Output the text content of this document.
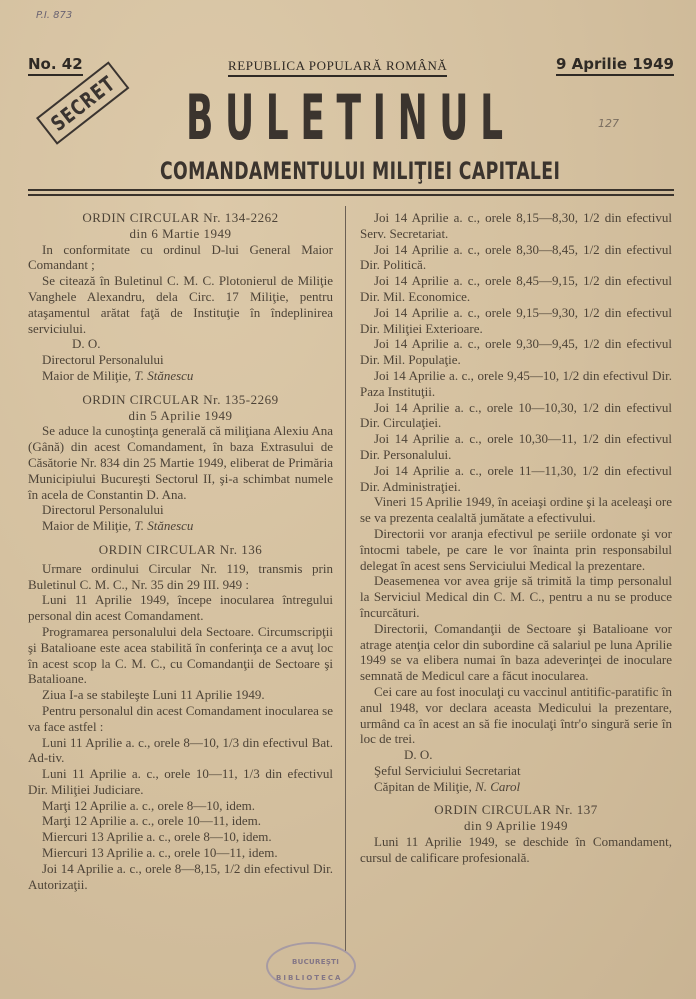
P.I. 873
No. 42	REPUBLICA POPULARĂ ROMÂNĂ	9 Aprilie 1949
SECRET BULETINUL
COMANDAMENTULUI MILIŢIEI CAPITALEI
127

ORDIN CIRCULAR Nr. 134-2262

din 6 Martie 1949

In conformitate cu ordinul D-lui General Maior Comandant ;

Se citează în Buletinul C. M. C. Plotonierul de Miliţie Vanghele Alexandru, dela Circ. 17 Miliţie, pentru ataşamentul arătat faţă de Instituţie în îndeplinirea serviciului.

D. O.

Directorul Personalului

Maior de Miliţie, T. Stănescu

ORDIN CIRCULAR Nr. 135-2269

din 5 Aprilie 1949

Se aduce la cunoştinţa generală că miliţiana Alexiu Ana (Gână) din acest Comandament, în baza Extrasului de Căsătorie Nr. 834 din 25 Martie 1949, eliberat de Primăria Municipiului Bucureşti Sectorul II, şi-a schimbat numele în acela de Constantin D. Ana.

Directorul Personalului

Maior de Miliţie, T. Stănescu

ORDIN CIRCULAR Nr. 136

Urmare ordinului Circular Nr. 119, transmis prin Buletinul C. M. C., Nr. 35 din 29 III. 949 :

Luni 11 Aprilie 1949, începe inocularea întregului personal din acest Comandament.

Programarea personalului dela Sectoare. Circumscripţii şi Batalioane este acea stabilită în conferinţa ce a avuţ loc în acest scop la C. M. C., cu Comandanţii de Sectoare şi Batalioane.

Ziua I-a se stabileşte Luni 11 Aprilie 1949.

Pentru personalul din acest Comandament inocularea se va face astfel :

Luni 11 Aprilie a. c., orele 8—10, 1/3 din efectivul Bat. Ad-tiv.

Luni 11 Aprilie a. c., orele 10—11, 1/3 din efectivul Dir. Miliţiei Judiciare.

Marţi 12 Aprilie a. c., orele 8—10, idem.

Marţi 12 Aprilie a. c., orele 10—11, idem.

Miercuri 13 Aprilie a. c., orele 8—10, idem.

Miercuri 13 Aprilie a. c., orele 10—11, idem.

Joi 14 Aprilie a. c., orele 8—8,15, 1/2 din efectivul Dir. Autorizaţii.

Joi 14 Aprilie a. c., orele 8,15—8,30, 1/2 din efectivul Serv. Secretariat.

Joi 14 Aprilie a. c., orele 8,30—8,45, 1/2 din efectivul Dir. Politică.

Joi 14 Aprilie a. c., orele 8,45—9,15, 1/2 din efectivul Dir. Mil. Economice.

Joi 14 Aprilie a. c., orele 9,15—9,30, 1/2 din efectivul Dir. Miliţiei Exterioare.

Joi 14 Aprilie a. c., orele 9,30—9,45, 1/2 din efectivul Dir. Mil. Populaţie.

Joi 14 Aprilie a. c., orele 9,45—10, 1/2 din efectivul Dir. Paza Instituţii.

Joi 14 Aprilie a. c., orele 10—10,30, 1/2 din efectivul Dir. Circulaţiei.

Joi 14 Aprilie a. c., orele 10,30—11, 1/2 din efectivul Dir. Personalului.

Joi 14 Aprilie a. c., orele 11—11,30, 1/2 din efectivul Dir. Administraţiei.

Vineri 15 Aprilie 1949, în aceiaşi ordine şi la aceleaşi ore se va prezenta cealaltă jumătate a efectivului.

Directorii vor aranja efectivul pe seriile ordonate şi vor întocmi tabele, pe care le vor înainta prin responsabilul delegat în acest sens Serviciului Medical la prezentare.

Deasemenea vor avea grije să trimită la timp personalul la Serviciul Medical din C. M. C., pentru a nu se produce încurcături.

Directorii, Comandanţii de Sectoare şi Batalioane vor atrage atenţia celor din subordine că salariul pe luna Aprilie 1949 se va elibera numai în baza adeverinţei de inoculare semnată de Medicul care a făcut inocularea.

Cei care au fost inoculaţi cu vaccinul antitific-paratific în anul 1948, vor declara aceasta Medicului la prezentare, urmând ca în acest an să fie inoculaţi într'o singură serie în loc de trei.

D. O.

Şeful Serviciului Secretariat

Căpitan de Miliţie, N. Carol

ORDIN CIRCULAR Nr. 137

din 9 Aprilie 1949

Luni 11 Aprilie 1949, se deschide în Comandament, cursul de calificare profesională.

BUCUREŞTI
BIBLIOTECA
